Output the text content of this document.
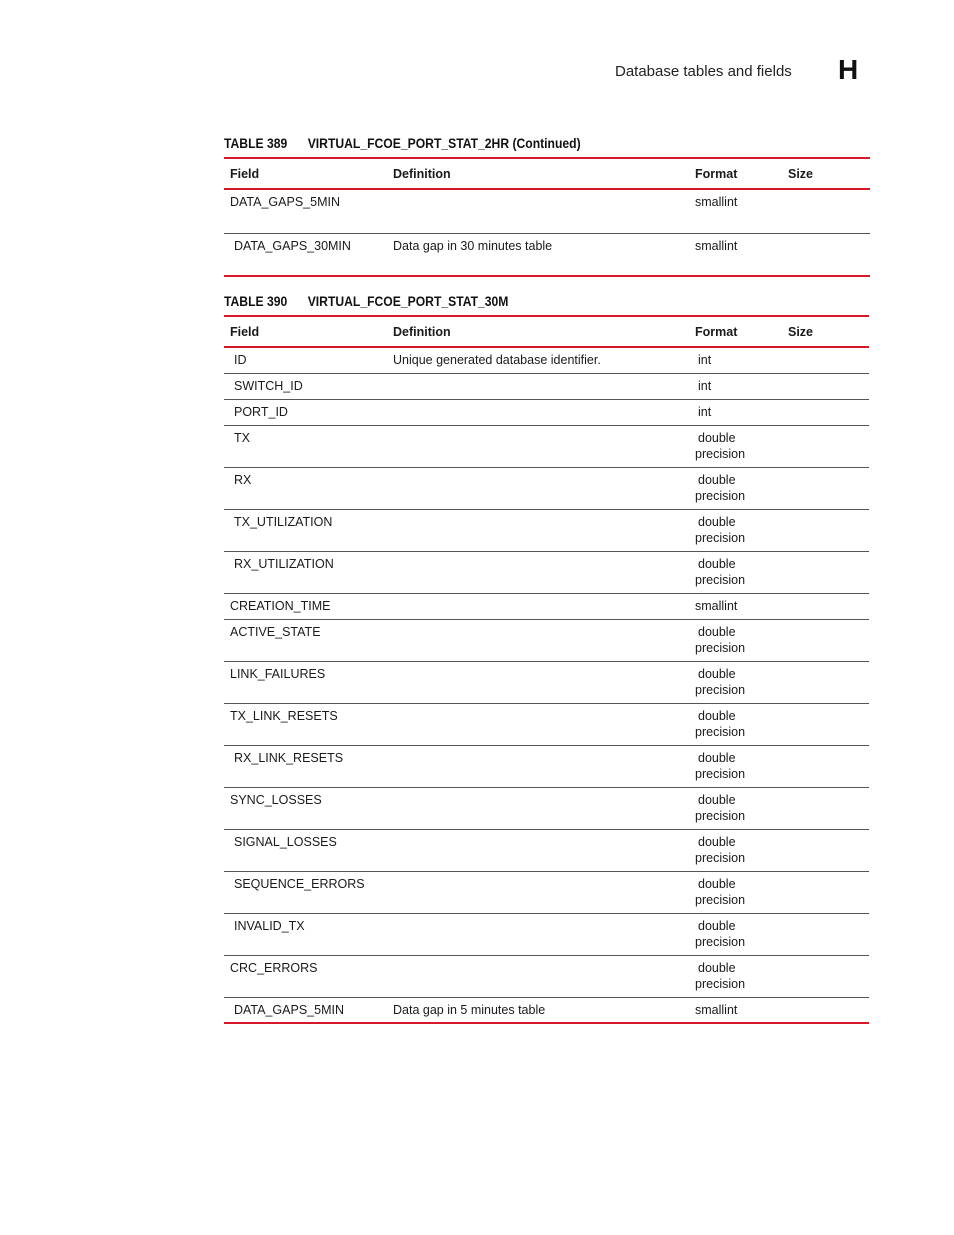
Database tables and fields H
TABLE 389 VIRTUAL_FCOE_PORT_STAT_2HR (Continued)
Field	Definition	Format	Size
DATA_GAPS_5MIN		smallint	
DATA_GAPS_30MIN	Data gap in 30 minutes table	smallint	
TABLE 390 VIRTUAL_FCOE_PORT_STAT_30M
Field	Definition	Format	Size
ID	Unique generated database identifier.	int	
SWITCH_ID		int	
PORT_ID		int	
TX		double precision	
RX		double precision	
TX_UTILIZATION		double precision	
RX_UTILIZATION		double precision	
CREATION_TIME		smallint	
ACTIVE_STATE		double precision	
LINK_FAILURES		double precision	
TX_LINK_RESETS		double precision	
RX_LINK_RESETS		double precision	
SYNC_LOSSES		double precision	
SIGNAL_LOSSES		double precision	
SEQUENCE_ERRORS		double precision	
INVALID_TX		double precision	
CRC_ERRORS		double precision	
DATA_GAPS_5MIN	Data gap in 5 minutes table	smallint	
